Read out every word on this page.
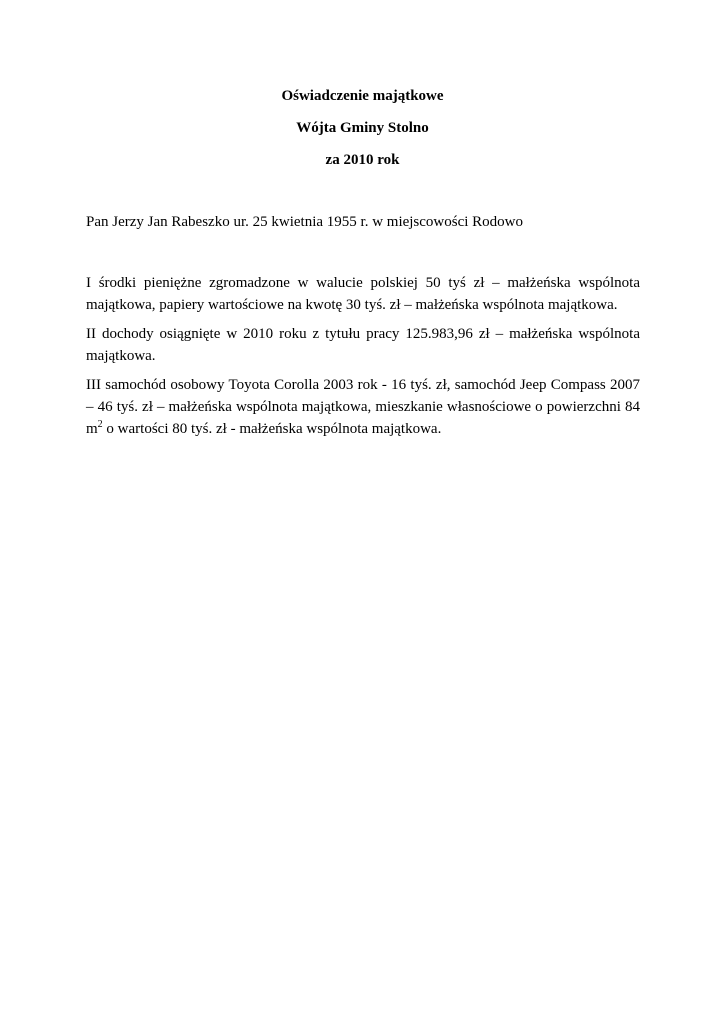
Oświadczenie majątkowe
Wójta Gminy Stolno
za 2010 rok
Pan Jerzy Jan Rabeszko ur. 25 kwietnia 1955 r. w miejscowości Rodowo

I środki pieniężne zgromadzone w walucie polskiej 50 tyś zł – małżeńska wspólnota majątkowa, papiery wartościowe na kwotę 30 tyś. zł – małżeńska wspólnota majątkowa.

II dochody osiągnięte w 2010 roku z tytułu pracy 125.983,96 zł – małżeńska wspólnota majątkowa.

III samochód osobowy Toyota Corolla 2003 rok - 16 tyś. zł, samochód Jeep Compass 2007 – 46 tyś. zł – małżeńska wspólnota majątkowa, mieszkanie własnościowe o powierzchni 84 $m^2$ o wartości 80 tyś. zł - małżeńska wspólnota majątkowa.
